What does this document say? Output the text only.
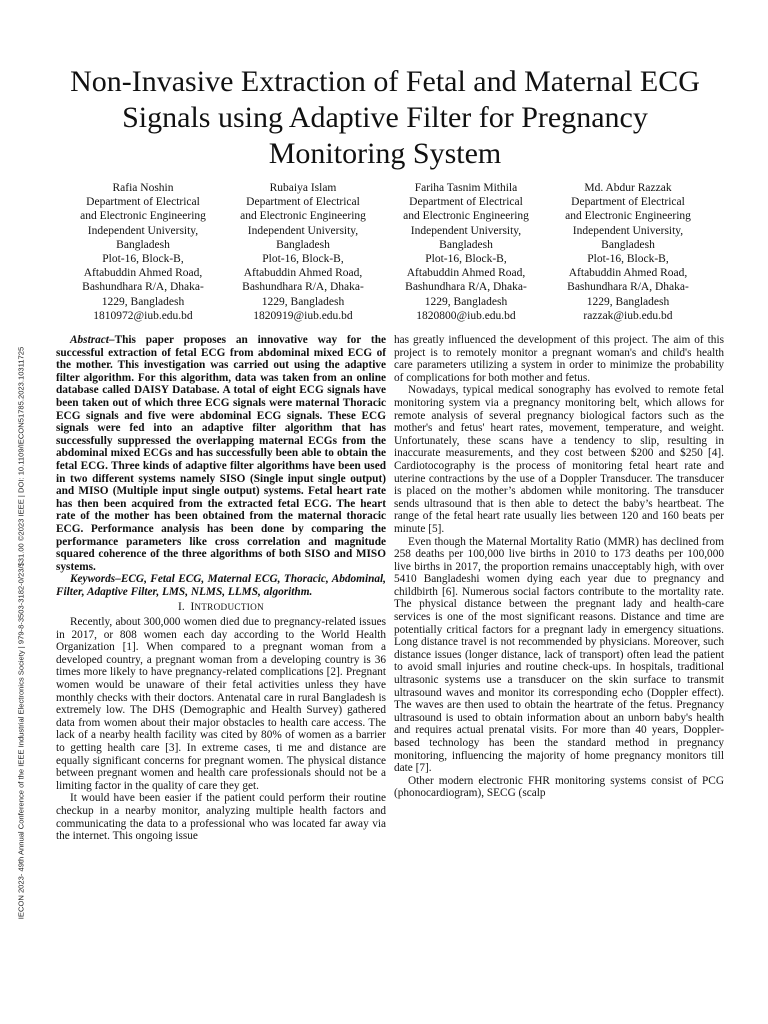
IECON 2023- 49th Annual Conference of the IEEE Industrial Electronics Society | 979-8-3503-3182-0/23/$31.00 ©2023 IEEE | DOI: 10.1109/IECON51785.2023.10311725
Non-Invasive Extraction of Fetal and Maternal ECG
Signals using Adaptive Filter for Pregnancy
Monitoring System
Rafia Noshin
Department of Electrical
and Electronic Engineering
Independent University,
Bangladesh
Plot-16, Block-B,
Aftabuddin Ahmed Road,
Bashundhara R/A, Dhaka-
1229, Bangladesh
1810972@iub.edu.bd
Rubaiya Islam
Department of Electrical
and Electronic Engineering
Independent University,
Bangladesh
Plot-16, Block-B,
Aftabuddin Ahmed Road,
Bashundhara R/A, Dhaka-
1229, Bangladesh
1820919@iub.edu.bd
Fariha Tasnim Mithila
Department of Electrical
and Electronic Engineering
Independent University,
Bangladesh
Plot-16, Block-B,
Aftabuddin Ahmed Road,
Bashundhara R/A, Dhaka-
1229, Bangladesh
1820800@iub.edu.bd
Md. Abdur Razzak
Department of Electrical
and Electronic Engineering
Independent University,
Bangladesh
Plot-16, Block-B,
Aftabuddin Ahmed Road,
Bashundhara R/A, Dhaka-
1229, Bangladesh
razzak@iub.edu.bd

Abstract–This paper proposes an innovative way for the successful extraction of fetal ECG from abdominal mixed ECG of the mother. This investigation was carried out using the adaptive filter algorithm. For this algorithm, data was taken from an online database called DAISY Database. A total of eight ECG signals have been taken out of which three ECG signals were maternal Thoracic ECG signals and five were abdominal ECG signals. These ECG signals were fed into an adaptive filter algorithm that has successfully suppressed the overlapping maternal ECGs from the abdominal mixed ECGs and has successfully been able to obtain the fetal ECG. Three kinds of adaptive filter algorithms have been used in two different systems namely SISO (Single input single output) and MISO (Multiple input single output) systems. Fetal heart rate has then been acquired from the extracted fetal ECG. The heart rate of the mother has been obtained from the maternal thoracic ECG. Performance analysis has been done by comparing the performance parameters like cross correlation and magnitude squared coherence of the three algorithms of both SISO and MISO systems.

Keywords–ECG, Fetal ECG, Maternal ECG, Thoracic, Abdominal, Filter, Adaptive Filter, LMS, NLMS, LLMS, algorithm.

I. INTRODUCTION

Recently, about 300,000 women died due to pregnancy-related issues in 2017, or 808 women each day according to the World Health Organization [1]. When compared to a pregnant woman from a developed country, a pregnant woman from a developing country is 36 times more likely to have pregnancy-related complications [2]. Pregnant women would be unaware of their fetal activities unless they have monthly checks with their doctors. Antenatal care in rural Bangladesh is extremely low. The DHS (Demographic and Health Survey) gathered data from women about their major obstacles to health care access. The lack of a nearby health facility was cited by 80% of women as a barrier to getting health care [3]. In extreme cases, ti me and distance are equally significant concerns for pregnant women. The physical distance between pregnant women and health care professionals should not be a limiting factor in the quality of care they get.

It would have been easier if the patient could perform their routine checkup in a nearby monitor, analyzing multiple health factors and communicating the data to a professional who was located far away via the internet. This ongoing issue

has greatly influenced the development of this project. The aim of this project is to remotely monitor a pregnant woman's and child's health care parameters utilizing a system in order to minimize the probability of complications for both mother and fetus.

Nowadays, typical medical sonography has evolved to remote fetal monitoring system via a pregnancy monitoring belt, which allows for remote analysis of several pregnancy biological factors such as the mother's and fetus' heart rates, movement, temperature, and weight. Unfortunately, these scans have a tendency to slip, resulting in inaccurate measurements, and they cost between $200 and $250 [4]. Cardiotocography is the process of monitoring fetal heart rate and uterine contractions by the use of a Doppler Transducer. The transducer is placed on the mother’s abdomen while monitoring. The transducer sends ultrasound that is then able to detect the baby’s heartbeat. The range of the fetal heart rate usually lies between 120 and 160 beats per minute [5].

Even though the Maternal Mortality Ratio (MMR) has declined from 258 deaths per 100,000 live births in 2010 to 173 deaths per 100,000 live births in 2017, the proportion remains unacceptably high, with over 5410 Bangladeshi women dying each year due to pregnancy and childbirth [6]. Numerous social factors contribute to the mortality rate. The physical distance between the pregnant lady and health-care services is one of the most significant reasons. Distance and time are potentially critical factors for a pregnant lady in emergency situations. Long distance travel is not recommended by physicians. Moreover, such distance issues (longer distance, lack of transport) often lead the patient to avoid small injuries and routine check-ups. In hospitals, traditional ultrasonic systems use a transducer on the skin surface to transmit ultrasound waves and monitor its corresponding echo (Doppler effect). The waves are then used to obtain the heartrate of the fetus. Pregnancy ultrasound is used to obtain information about an unborn baby's health and requires actual prenatal visits. For more than 40 years, Doppler-based technology has been the standard method in pregnancy monitoring, influencing the majority of home pregnancy monitors till date [7].

Other modern electronic FHR monitoring systems consist of PCG (phonocardiogram), SECG (scalp
